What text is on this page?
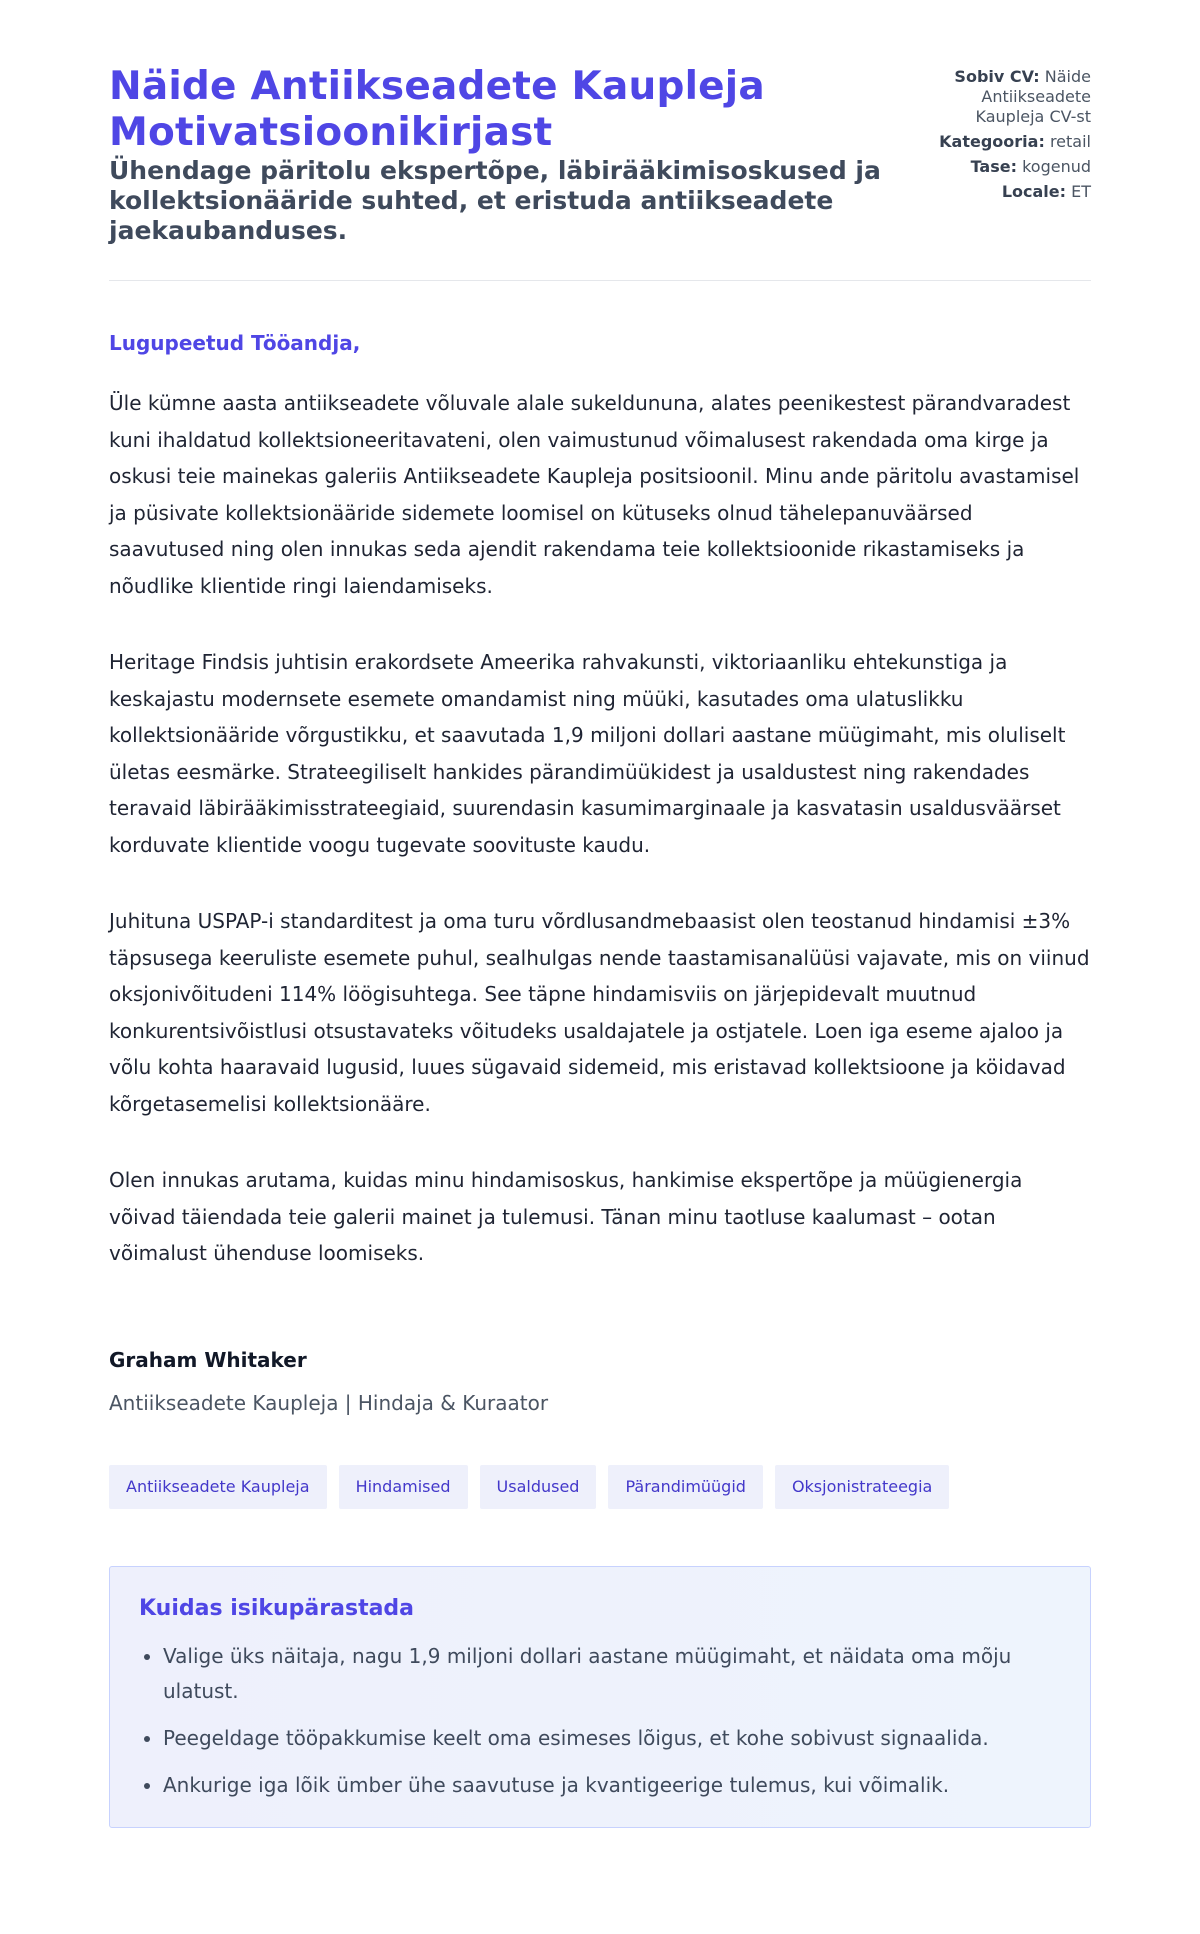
Näide Antiikseadete Kaupleja Motivatsioonikirjast

Ühendage päritolu ekspertõpe, läbirääkimisoskused ja kollektsionääride suhted, et eristuda antiikseadete jaekaubanduses.

Sobiv CV: Näide Antiikseadete Kaupleja CV-st
Kategooria: retail
Tase: kogenud
Locale: ET

Lugupeetud Tööandja,

Üle kümne aasta antiikseadete võluvale alale sukeldununa, alates peenikestest pärandvaradest kuni ihaldatud kollektsioneeritavateni, olen vaimustunud võimalusest rakendada oma kirge ja oskusi teie mainekas galeriis Antiikseadete Kaupleja positsioonil. Minu ande päritolu avastamisel ja püsivate kollektsionääride sidemete loomisel on kütuseks olnud tähelepanuväärsed saavutused ning olen innukas seda ajendit rakendama teie kollektsioonide rikastamiseks ja nõudlike klientide ringi laiendamiseks.

Heritage Findsis juhtisin erakordsete Ameerika rahvakunsti, viktoriaanliku ehtekunstiga ja keskajastu modernsete esemete omandamist ning müüki, kasutades oma ulatuslikku kollektsionääride võrgustikku, et saavutada 1,9 miljoni dollari aastane müügimaht, mis oluliselt ületas eesmärke. Strateegiliselt hankides pärandimüükidest ja usaldustest ning rakendades teravaid läbirääkimisstrateegiaid, suurendasin kasumimarginaale ja kasvatasin usaldusväärset korduvate klientide voogu tugevate soovituste kaudu.

Juhituna USPAP-i standarditest ja oma turu võrdlusandmebaasist olen teostanud hindamisi ±3% täpsusega keeruliste esemete puhul, sealhulgas nende taastamisanalüüsi vajavate, mis on viinud oksjonivõitudeni 114% löögisuhtega. See täpne hindamisviis on järjepidevalt muutnud konkurentsivõistlusi otsustavateks võitudeks usaldajatele ja ostjatele. Loen iga eseme ajaloo ja võlu kohta haaravaid lugusid, luues sügavaid sidemeid, mis eristavad kollektsioone ja köidavad kõrgetasemelisi kollektsionääre.

Olen innukas arutama, kuidas minu hindamisoskus, hankimise ekspertõpe ja müügienergia võivad täiendada teie galerii mainet ja tulemusi. Tänan minu taotluse kaalumast – ootan võimalust ühenduse loomiseks.

Graham Whitaker
Antiikseadete Kaupleja | Hindaja & Kuraator
Antiikseadete Kaupleja	Hindamised	Usaldused	Pärandimüügid	Oksjonistrateegia
Kuidas isikupärastada
• Valige üks näitaja, nagu 1,9 miljoni dollari aastane müügimaht, et näidata oma mõju ulatust.
• Peegeldage tööpakkumise keelt oma esimeses lõigus, et kohe sobivust signaalida.
• Ankurige iga lõik ümber ühe saavutuse ja kvantigeerige tulemus, kui võimalik.
